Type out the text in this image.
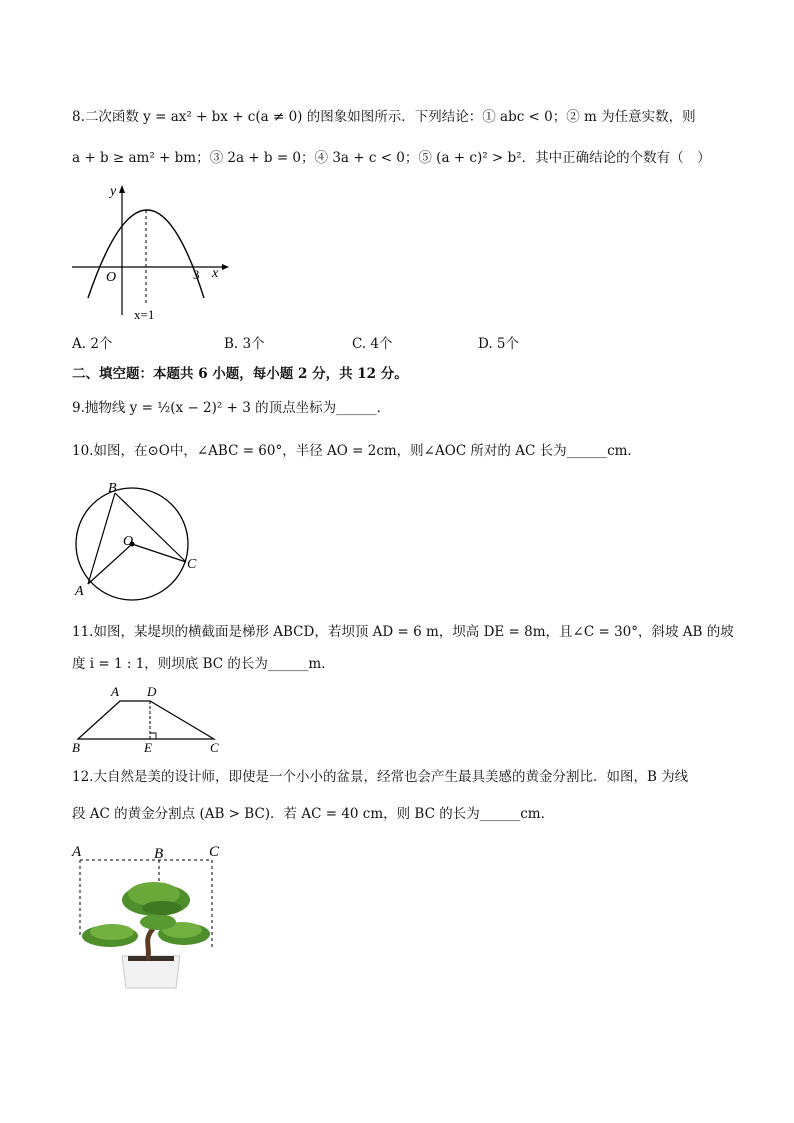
8.二次函数 y = ax² + bx + c(a ≠ 0) 的图象如图所示．下列结论：① abc < 0；② m 为任意实数，则
a + b ≥ am² + bm；③ 2a + b = 0；④ 3a + c < 0；⑤ (a + c)² > b²．其中正确结论的个数有（　）
y
x
O	3
x=1
A. 2个	B. 3个	C. 4个	D. 5个
二、填空题：本题共 6 小题，每小题 2 分，共 12 分。
9.抛物线 y = ½(x − 2)² + 3 的顶点坐标为______．
10.如图，在⊙O中，∠ABC = 60°，半径 AO = 2cm，则∠AOC 所对的 AC 长为______cm．
B
O
C
A
11.如图，某堤坝的横截面是梯形 ABCD，若坝顶 AD = 6 m，坝高 DE = 8m，且∠C = 30°，斜坡 AB 的坡
度 i = 1 : 1，则坝底 BC 的长为______m．
A D
B	E	C
12.大自然是美的设计师，即使是一个小小的盆景，经常也会产生最具美感的黄金分割比．如图，B 为线
段 AC 的黄金分割点 (AB > BC)．若 AC = 40 cm，则 BC 的长为______cm．
A	B	C
